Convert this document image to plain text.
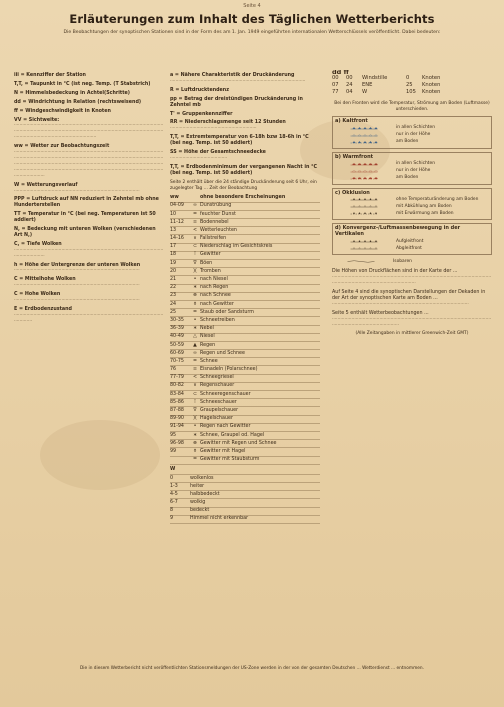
Seite 4
Erläuterungen zum Inhalt des Täglichen Wetterberichts
Die Beobachtungen der synoptischen Stationen sind in der Form des am 1. Jan. 1949 eingeführten internationalen Wetterschlüssels veröffentlicht. Dabei bedeuten:
iii = Kennziffer der Station
T,T, = Taupunkt in °C (ist neg. Temp. (T Stabstrich)
N = Himmelsbedeckung in Achtel(Schritte)
dd = Windrichtung in Relation (rechtsweisend)
ff = Windgeschwindigkeit in Knoten
VV = Sichtweite:
·················································································································································································································································································
ww = Wetter zur Beobachtungszeit
··································································································································································································································································································································································································································································
W = Wetterungsverlauf
··························································································
PPP = Luftdruck auf NN reduziert in Zehntel mb ohne Hunderterstellen
TT = Temperatur in °C (bei neg. Temperaturen ist 50 addiert)
N, = Bedeckung mit unteren Wolken (verschiedenen Art N,)
C, = Tiefe Wolken
·································································································································
h = Höhe der Untergrenze der unteren Wolken
··························································································
C = Mittelhohe Wolken
··························································································
C = Hohe Wolken
··························································································
E = Erdbodenzustand
························································································································
a = Nähere Charakteristik der Druckänderung
·································································································
R = Luftdrucktendenz
pp = Betrag der dreistündigen Druckänderung in Zehntel mb
T' = Gruppenkennziffer
RR = Niederschlagsmenge seit 12 Stunden
······························································
T,T, = Extremtemperatur von 6-18h bzw 18-6h in °C (bei neg. Temp. ist 50 addiert)
SS = Höhe der Gesamtschneedecke
·········································
T,T, = Erdbodenminimum der vergangenen Nacht in °C (bei neg. Temp. ist 50 addiert)
Seite 2 enthält über die 24 ständige Druckänderung seit 6 Uhr, ein zugelegter Tag ... Zeit der Beobachtung
ww	ohne besondere Erscheinungen
04-09	∞ Dunstrübung
10	= feuchter Dunst
11-12	≡ Bodennebel
13	< Wetterleuchten
14-16	∨ Fallstreifen
17	⊂ Niederschlag im Gesichtskreis
18	⊺ Gewitter
19	∇ Böen
20	)( Tromben
21	• nach Niesel
22	∗ nach Regen
23	⊗ nach Schnee
24	⌽ nach Gewitter
25	= Staub oder Sandsturm
30-35	• Schneetreiben
36-39	∗ Nebel
40-49	△ Niesel
50-59	▲ Regen
60-69	∞ Regen und Schnee
70-75	= Schnee
76	≡ Eisnadeln (Polarschnee)
77-79	< Schneegriesel
80-82	∨ Regenschauer
83-84	⊂ Schneeregenschauer
85-86	⊺ Schneeschauer
87-88	∇ Graupelschauer
89-90	)( Hagelschauer
91-94	• Regen nach Gewitter
95	∗ Schnee, Graupel od. Hagel
96-98	⊗ Gewitter mit Regen und Schnee
99	⌽ Gewitter mit Hagel
= Gewitter mit Staubsturm
W
0	wolkenlos
1-3	heiter
4-5	halbbedeckt
6-7	wolkig
8	bedeckt
9	Himmel nicht erkennbar
dd ff
00	00	Windstille	0	Knoten
07	24	ENE	25	Knoten
77	04	W	105	Knoten
Bei den Fronten wird die Temperatur, Strömung am Boden (Luftmasse) unterschieden.
a) Kaltfront
in allen Schichten
nur in der Höhe
am Boden
b) Warmfront
in allen Schichten
nur in der Höhe
am Boden
c) Okklusion
ohne Temperaturänderung am Boden
mit Abkühlung am Boden
mit Erwärmung am Boden
d) Konvergenz-/Luftmassenbewegung in der Vertikalen
Aufgleitfront
Abgleitfront
Isobaren
Die Höhen von Druckflächen sind in der Karte der ...
··············································································································································································
Auf Seite 4 sind die synoptischen Darstellungen der Dekaden in der Art der synoptischen Karte am Boden ...
··································································································
Seite 5 enthält Wetterbeobachtungen ...
··································································································································································
(Alle Zeitangaben in mittlerer Greenwich-Zeit GMT)
Die in diesem Wetterbericht nicht veröffentlichten Stationsmeldungen der US-Zone werden in der von der gesamten Deutschen ... Wetterdienst ... entnommen.
